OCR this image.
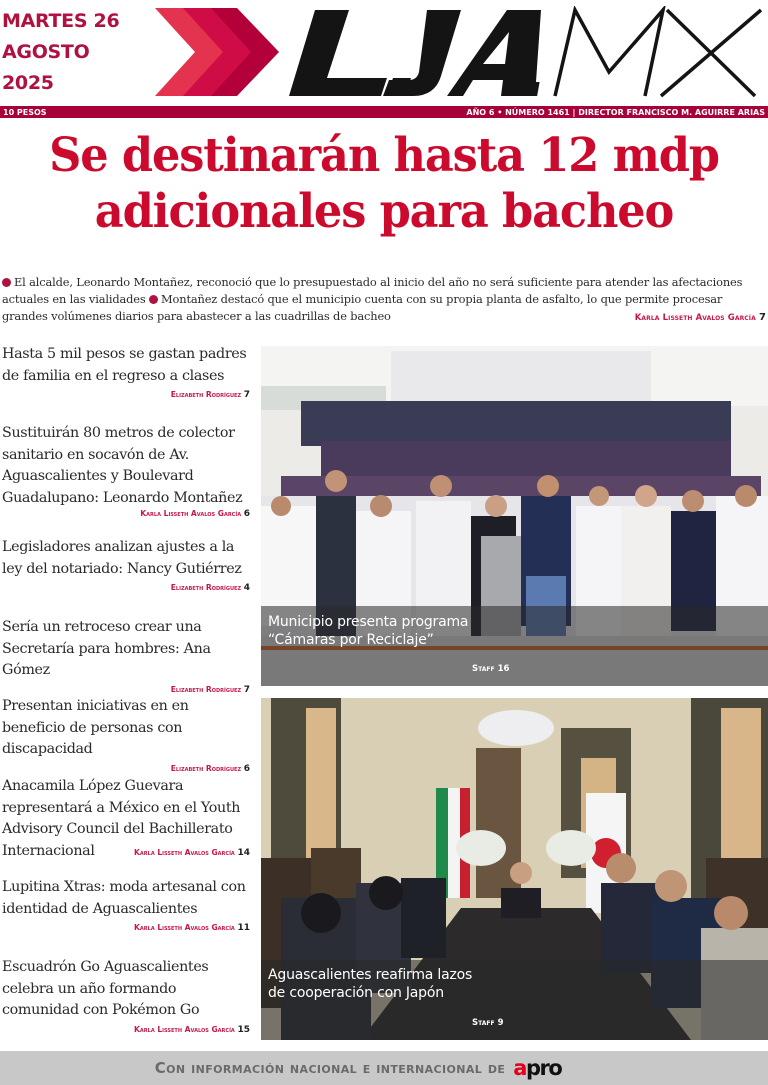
MARTES 26
AGOSTO
2025
10 PESOS	AÑO 6 • NÚMERO 1461 | DIRECTOR FRANCISCO M. AGUIRRE ARIAS
Se destinarán hasta 12 mdp
adicionales para bacheo

El alcalde, Leonardo Montañez, reconoció que lo presupuestado al inicio del año no será suficiente para atender las afectaciones actuales en las vialidades Montañez destacó que el municipio cuenta con su propia planta de asfalto, lo que permite procesar grandes volúmenes diarios para abastecer a las cuadrillas de bacheo	Karla Lisseth Avalos García 7
Hasta 5 mil pesos se gastan padres de familia en el regreso a clases
Elizabeth Rodríguez 7
Sustituirán 80 metros de colector sanitario en socavón de Av. Aguascalientes y Boulevard Guadalupano: Leonardo Montañez
Karla Lisseth Avalos García 6
Legisladores analizan ajustes a la ley del notariado: Nancy Gutiérrez
Elizabeth Rodríguez 4
Sería un retroceso crear una Secretaría para hombres: Ana Gómez
Elizabeth Rodríguez 7
Presentan iniciativas en en beneficio de personas con discapacidad
Elizabeth Rodríguez 6
Anacamila López Guevara representará a México en el Youth Advisory Council del Bachillerato Internacional	Karla Lisseth Avalos García 14
Lupitina Xtras: moda artesanal con identidad de Aguascalientes
Karla Lisseth Avalos García 11
Escuadrón Go Aguascalientes celebra un año formando comunidad con Pokémon Go
Karla Lisseth Avalos García 15
Municipio presenta programa
“Cámaras por Reciclaje”
Staff 16
Aguascalientes reafirma lazos
de cooperación con Japón
Staff 9
Con información nacional e internacional de apro
